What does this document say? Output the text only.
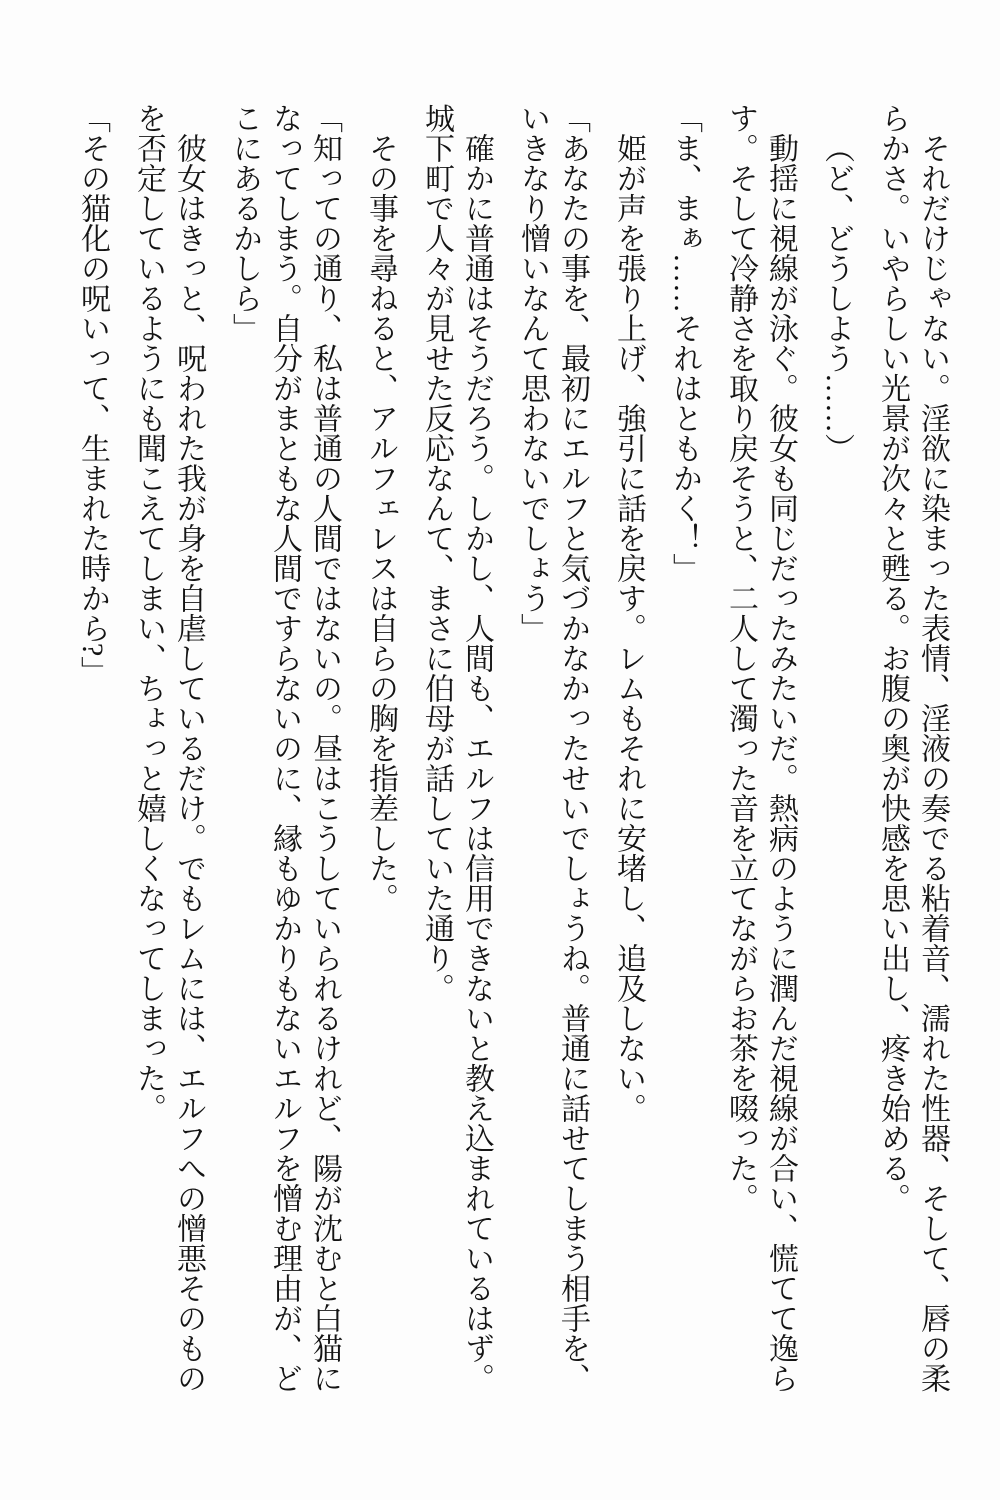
それだけじゃない。淫欲に染まった表情、淫液の奏でる粘着音、濡れた性器、そして、唇の柔らかさ。いやらしい光景が次々と甦る。お腹の奥が快感を思い出し、疼き始める。

（ど、どうしよう……）

動揺に視線が泳ぐ。彼女も同じだったみたいだ。熱病のように潤んだ視線が合い、慌てて逸らす。そして冷静さを取り戻そうと、二人して濁った音を立てながらお茶を啜った。

「ま、まぁ……それはともかく！」

姫が声を張り上げ、強引に話を戻す。レムもそれに安堵し、追及しない。

「あなたの事を、最初にエルフと気づかなかったせいでしょうね。普通に話せてしまう相手を、いきなり憎いなんて思わないでしょう」

確かに普通はそうだろう。しかし、人間も、エルフは信用できないと教え込まれているはず。城下町で人々が見せた反応なんて、まさに伯母が話していた通り。

その事を尋ねると、アルフェレスは自らの胸を指差した。

「知っての通り、私は普通の人間ではないの。昼はこうしていられるけれど、陽が沈むと白猫になってしまう。自分がまともな人間ですらないのに、縁もゆかりもないエルフを憎む理由が、どこにあるかしら」

彼女はきっと、呪われた我が身を自虐しているだけ。でもレムには、エルフへの憎悪そのものを否定しているようにも聞こえてしまい、ちょっと嬉しくなってしまった。

「その猫化の呪いって、生まれた時から?」
